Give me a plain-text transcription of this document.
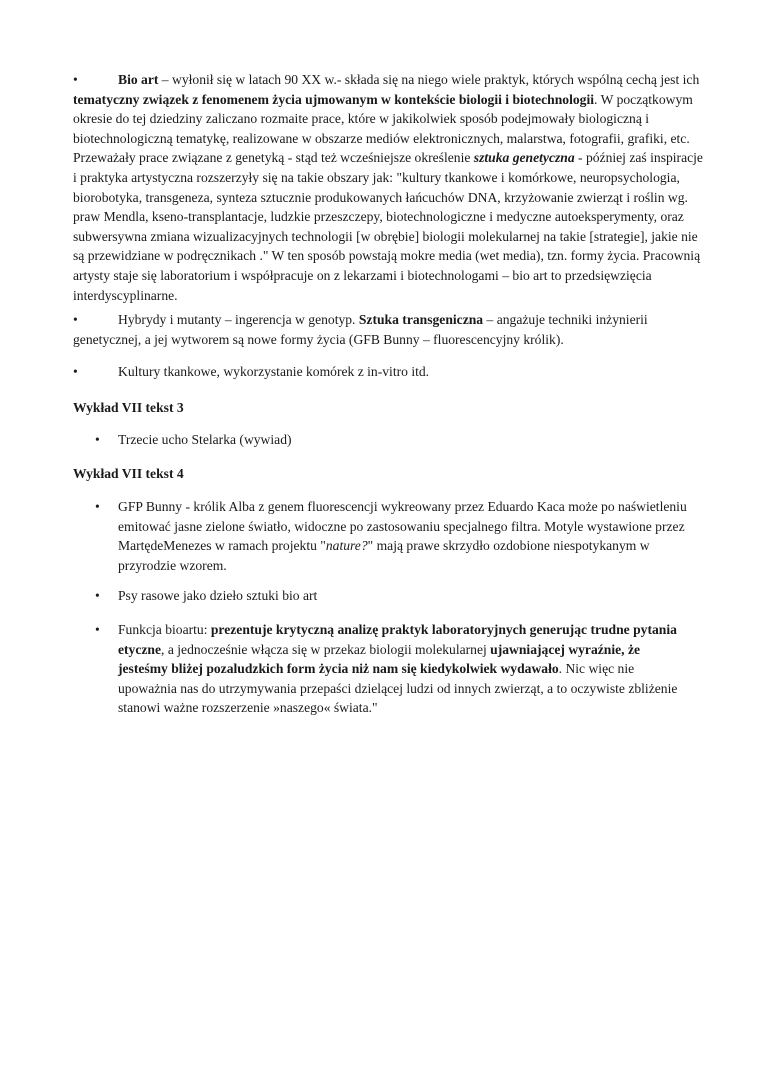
•	Bio art – wyłonił się w latach 90 XX w.- składa się na niego wiele praktyk, których wspólną cechą jest ich tematyczny związek z fenomenem życia ujmowanym w kontekście biologii i biotechnologii. W początkowym okresie do tej dziedziny zaliczano rozmaite prace, które w jakikolwiek sposób podejmowały biologiczną i biotechnologiczną tematykę, realizowane w obszarze mediów elektronicznych, malarstwa, fotografii, grafiki, etc. Przeważały prace związane z genetyką - stąd też wcześniejsze określenie sztuka genetyczna - później zaś inspiracje i praktyka artystyczna rozszerzyły się na takie obszary jak: "kultury tkankowe i komórkowe, neuropsychologia, biorobotyka, transgeneza, synteza sztucznie produkowanych łańcuchów DNA, krzyżowanie zwierząt i roślin wg. praw Mendla, kseno-transplantacje, ludzkie przeszczepy, biotechnologiczne i medyczne autoeksperymenty, oraz subwersywna zmiana wizualizacyjnych technologii [w obrębie] biologii molekularnej na takie [strategie], jakie nie są przewidziane w podręcznikach ." W ten sposób powstają mokre media (wet media), tzn. formy życia. Pracownią artysty staje się laboratorium i współpracuje on z lekarzami i biotechnologami – bio art to przedsięwzięcia interdyscyplinarne.

•	Hybrydy i mutanty – ingerencja w genotyp. Sztuka transgeniczna – angażuje techniki inżynierii genetycznej, a jej wytworem są nowe formy życia (GFB Bunny – fluorescencyjny królik).

•	Kultury tkankowe, wykorzystanie komórek z in-vitro itd.

Wykład VII tekst 3

• Trzecie ucho Stelarka (wywiad)

Wykład VII tekst 4

• GFP Bunny - królik Alba z genem fluorescencji wykreowany przez Eduardo Kaca może po naświetleniu emitować jasne zielone światło, widoczne po zastosowaniu specjalnego filtra. Motyle wystawione przez MartędeMenezes w ramach projektu "nature?" mają prawe skrzydło ozdobione niespotykanym w przyrodzie wzorem.
• Psy rasowe jako dzieło sztuki bio art
• Funkcja bioartu: prezentuje krytyczną analizę praktyk laboratoryjnych generując trudne pytania etyczne, a jednocześnie włącza się w przekaz biologii molekularnej ujawniającej wyraźnie, że jesteśmy bliżej pozaludzkich form życia niż nam się kiedykolwiek wydawało. Nic więc nie upoważnia nas do utrzymywania przepaści dzielącej ludzi od innych zwierząt, a to oczywiste zbliżenie stanowi ważne rozszerzenie »naszego« świata."
